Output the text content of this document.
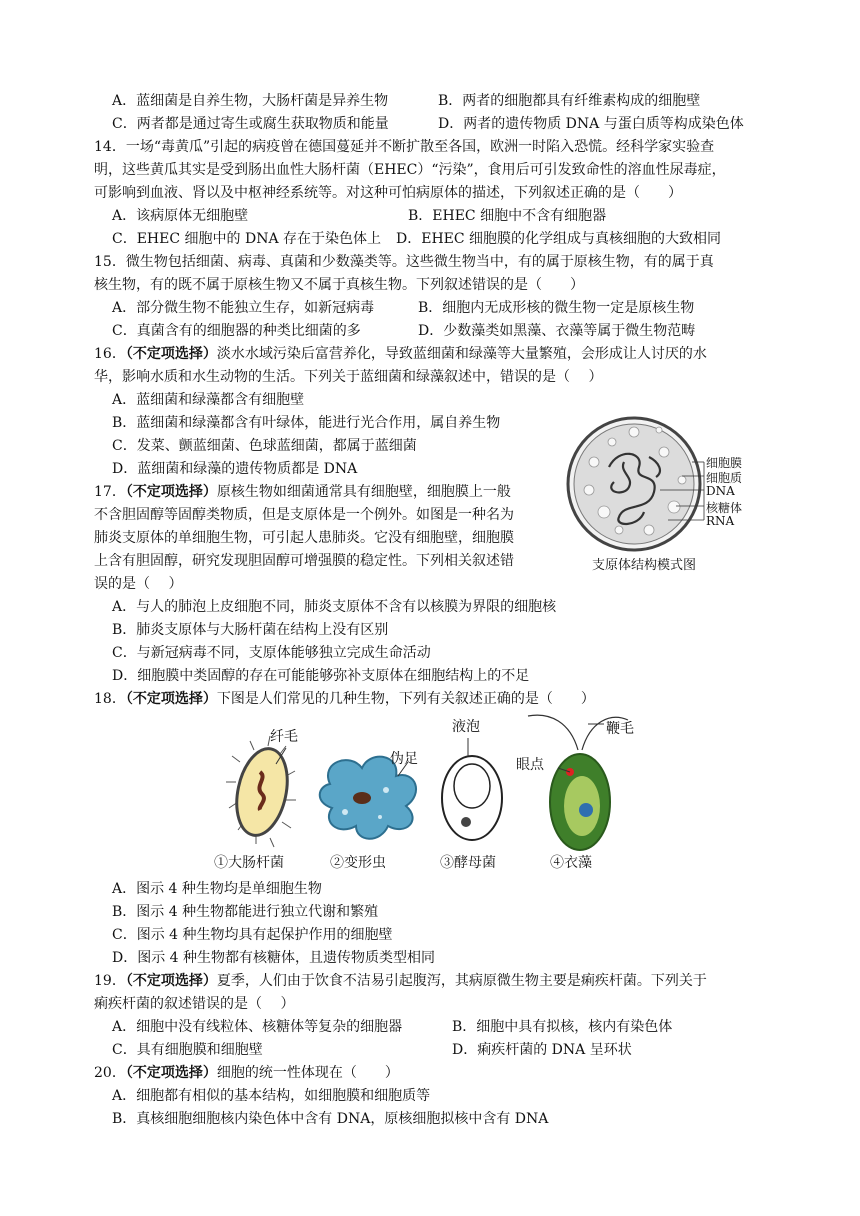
A．蓝细菌是自养生物，大肠杆菌是异养生物	B．两者的细胞都具有纤维素构成的细胞壁
C．两者都是通过寄生或腐生获取物质和能量	D．两者的遗传物质 DNA 与蛋白质等构成染色体
14．一场“毒黄瓜”引起的病疫曾在德国蔓延并不断扩散至各国，欧洲一时陷入恐慌。经科学家实验查
明，这些黄瓜其实是受到肠出血性大肠杆菌（EHEC）“污染”，食用后可引发致命性的溶血性尿毒症，
可影响到血液、肾以及中枢神经系统等。对这种可怕病原体的描述，下列叙述正确的是（　　）
A．该病原体无细胞壁	B．EHEC 细胞中不含有细胞器
C．EHEC 细胞中的 DNA 存在于染色体上 D．EHEC 细胞膜的化学组成与真核细胞的大致相同
15．微生物包括细菌、病毒、真菌和少数藻类等。这些微生物当中，有的属于原核生物，有的属于真
核生物，有的既不属于原核生物又不属于真核生物。下列叙述错误的是（　　）
A．部分微生物不能独立生存，如新冠病毒	B．细胞内无成形核的微生物一定是原核生物
C．真菌含有的细胞器的种类比细菌的多	D．少数藻类如黑藻、衣藻等属于微生物范畴
16．（不定项选择）淡水水域污染后富营养化，导致蓝细菌和绿藻等大量繁殖，会形成让人讨厌的水
华，影响水质和水生动物的生活。下列关于蓝细菌和绿藻叙述中，错误的是（　 ）
A．蓝细菌和绿藻都含有细胞壁
B．蓝细菌和绿藻都含有叶绿体，能进行光合作用，属自养生物
C．发菜、颤蓝细菌、色球蓝细菌，都属于蓝细菌
D．蓝细菌和绿藻的遗传物质都是 DNA
17．（不定项选择）原核生物如细菌通常具有细胞壁，细胞膜上一般
不含胆固醇等固醇类物质，但是支原体是一个例外。如图是一种名为
肺炎支原体的单细胞生物，可引起人患肺炎。它没有细胞壁，细胞膜
上含有胆固醇，研究发现胆固醇可增强膜的稳定性。下列相关叙述错
误的是（　 ）
A．与人的肺泡上皮细胞不同，肺炎支原体不含有以核膜为界限的细胞核
B．肺炎支原体与大肠杆菌在结构上没有区别
C．与新冠病毒不同，支原体能够独立完成生命活动
D．细胞膜中类固醇的存在可能能够弥补支原体在细胞结构上的不足
细胞膜
细胞质
DNA
核糖体
RNA
支原体结构模式图
18．（不定项选择）下图是人们常见的几种生物，下列有关叙述正确的是（　　）
纤毛
伪足
液泡	鞭毛
眼点
①大肠杆菌	②变形虫	③酵母菌	④衣藻
A．图示 4 种生物均是单细胞生物
B．图示 4 种生物都能进行独立代谢和繁殖
C．图示 4 种生物均具有起保护作用的细胞壁
D．图示 4 种生物都有核糖体，且遗传物质类型相同
19．（不定项选择）夏季，人们由于饮食不洁易引起腹泻，其病原微生物主要是痢疾杆菌。下列关于
痢疾杆菌的叙述错误的是（　 ）
A．细胞中没有线粒体、核糖体等复杂的细胞器	B．细胞中具有拟核，核内有染色体
C．具有细胞膜和细胞壁	D．痢疾杆菌的 DNA 呈环状
20．（不定项选择）细胞的统一性体现在（　　）
A．细胞都有相似的基本结构，如细胞膜和细胞质等
B．真核细胞细胞核内染色体中含有 DNA，原核细胞拟核中含有 DNA
